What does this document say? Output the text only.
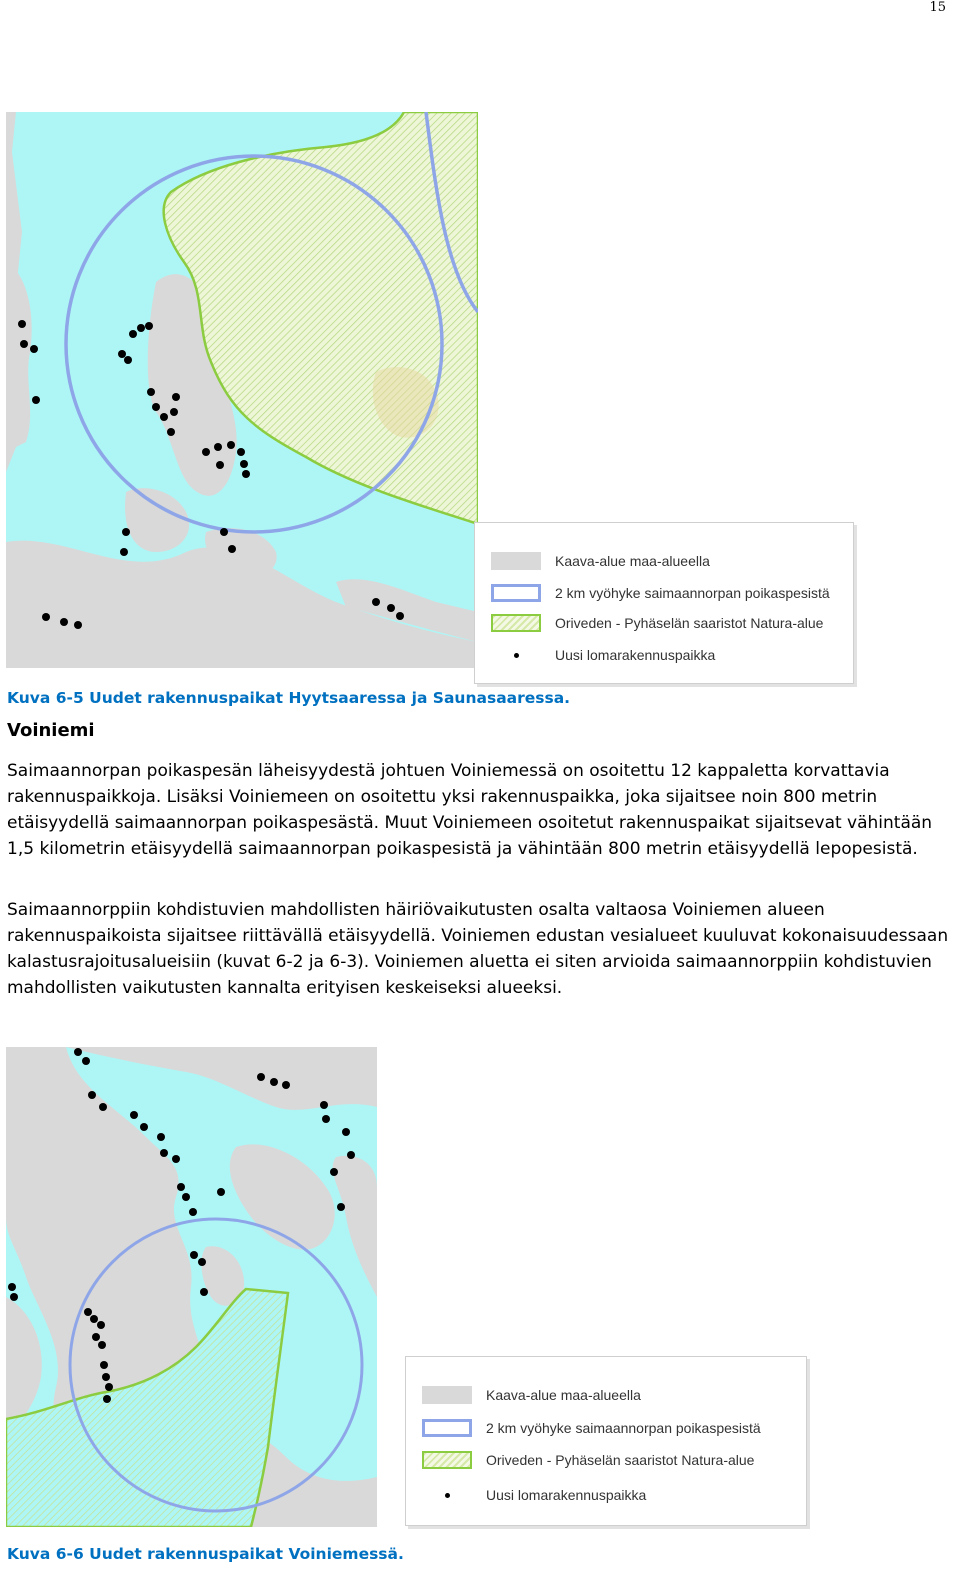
15
Kaava-alue maa-alueella
2 km vyöhyke saimaannorpan poikaspesistä
Oriveden - Pyhäselän saaristot Natura-alue
Uusi lomarakennuspaikka
Kuva 6-5 Uudet rakennuspaikat Hyytsaaressa ja Saunasaaressa.
Voiniemi

Saimaannorpan poikaspesän läheisyydestä johtuen Voiniemessä on osoitettu 12 kappaletta korvattavia rakennuspaikkoja. Lisäksi Voiniemeen on osoitettu yksi rakennuspaikka, joka sijaitsee noin 800 metrin etäisyydellä saimaannorpan poikaspesästä. Muut Voiniemeen osoitetut rakennuspaikat sijaitsevat vähintään 1,5 kilometrin etäisyydellä saimaannorpan poikaspesistä ja vähintään 800 metrin etäisyydellä lepopesistä.

Saimaannorppiin kohdistuvien mahdollisten häiriövaikutusten osalta valtaosa Voiniemen alueen rakennuspaikoista sijaitsee riittävällä etäisyydellä. Voiniemen edustan vesialueet kuuluvat kokonaisuudessaan kalastusrajoitusalueisiin (kuvat 6-2 ja 6-3). Voiniemen aluetta ei siten arvioida saimaannorppiin kohdistuvien mahdollisten vaikutusten kannalta erityisen keskeiseksi alueeksi.

Kaava-alue maa-alueella
2 km vyöhyke saimaannorpan poikaspesistä
Oriveden - Pyhäselän saaristot Natura-alue
Uusi lomarakennuspaikka
Kuva 6-6 Uudet rakennuspaikat Voiniemessä.
